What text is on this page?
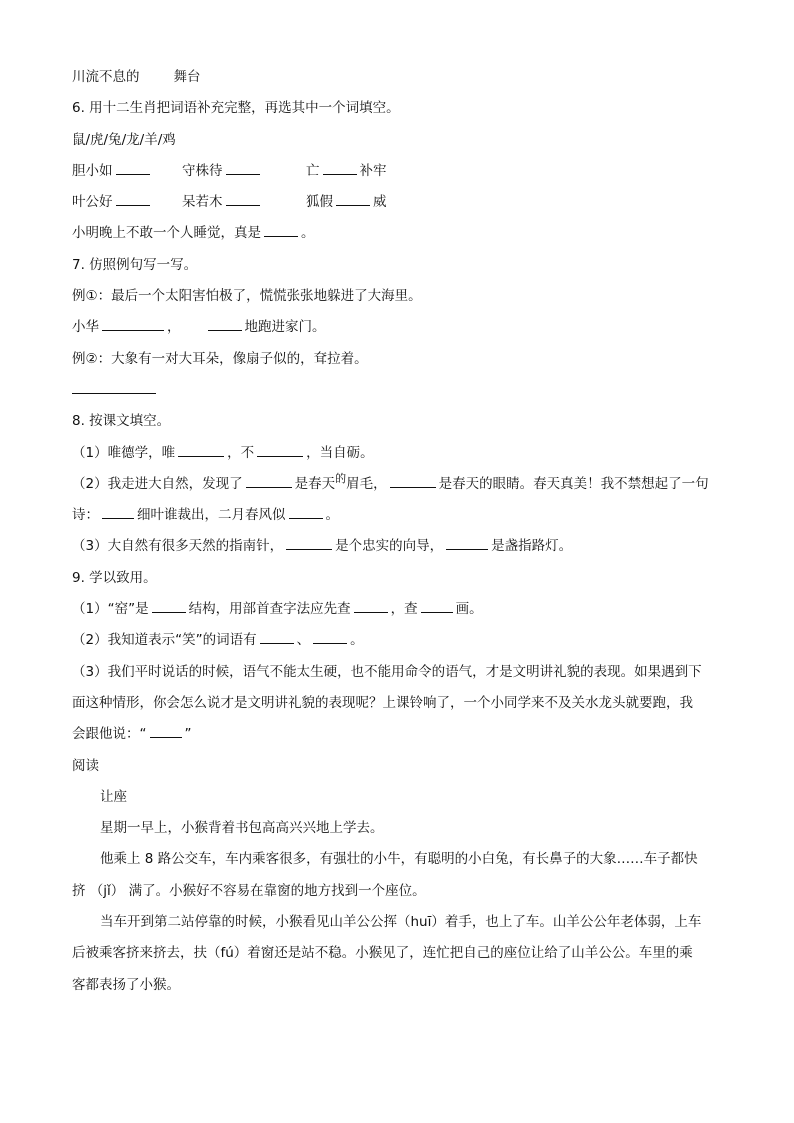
川流不息的	舞台
6. 用十二生肖把词语补充完整，再选其中一个词填空。
鼠/虎/兔/龙/羊/鸡
胆小如	守株待	亡	补牢
叶公好	呆若木	狐假	威
小明晚上不敢一个人睡觉，真是	。
7. 仿照例句写一写。
例①：最后一个太阳害怕极了，慌慌张张地躲进了大海里。
小华	，	地跑进家门。
例②：大象有一对大耳朵，像扇子似的，耷拉着。
8. 按课文填空。
（1）唯德学，唯	，不	，当自砺。
（2）我走进大自然，发现了	是春天$^的$眉毛，	是春天的眼睛。春天真美！我不禁想起了一句
诗：	细叶谁裁出，二月春风似	。
（3）大自然有很多天然的指南针，	是个忠实的向导，	是盏指路灯。
9. 学以致用。
（1）“窑”是	结构，用部首查字法应先查	，查	画。
（2）我知道表示“笑”的词语有	、	。
（3）我们平时说话的时候，语气不能太生硬，也不能用命令的语气，才是文明讲礼貌的表现。如果遇到下
面这种情形，你会怎么说才是文明讲礼貌的表现呢？上课铃响了，一个小同学来不及关水龙头就要跑，我
会跟他说：“	”
阅读
让座
星期一早上，小猴背着书包高高兴兴地上学去。
他乘上 8 路公交车，车内乘客很多，有强壮的小牛，有聪明的小白兔，有长鼻子的大象……车子都快
挤 （jǐ） 满了。小猴好不容易在靠窗的地方找到一个座位。
当车开到第二站停靠的时候，小猴看见山羊公公挥（huī）着手，也上了车。山羊公公年老体弱，上车
后被乘客挤来挤去，扶（fú）着窗还是站不稳。小猴见了，连忙把自己的座位让给了山羊公公。车里的乘
客都表扬了小猴。
